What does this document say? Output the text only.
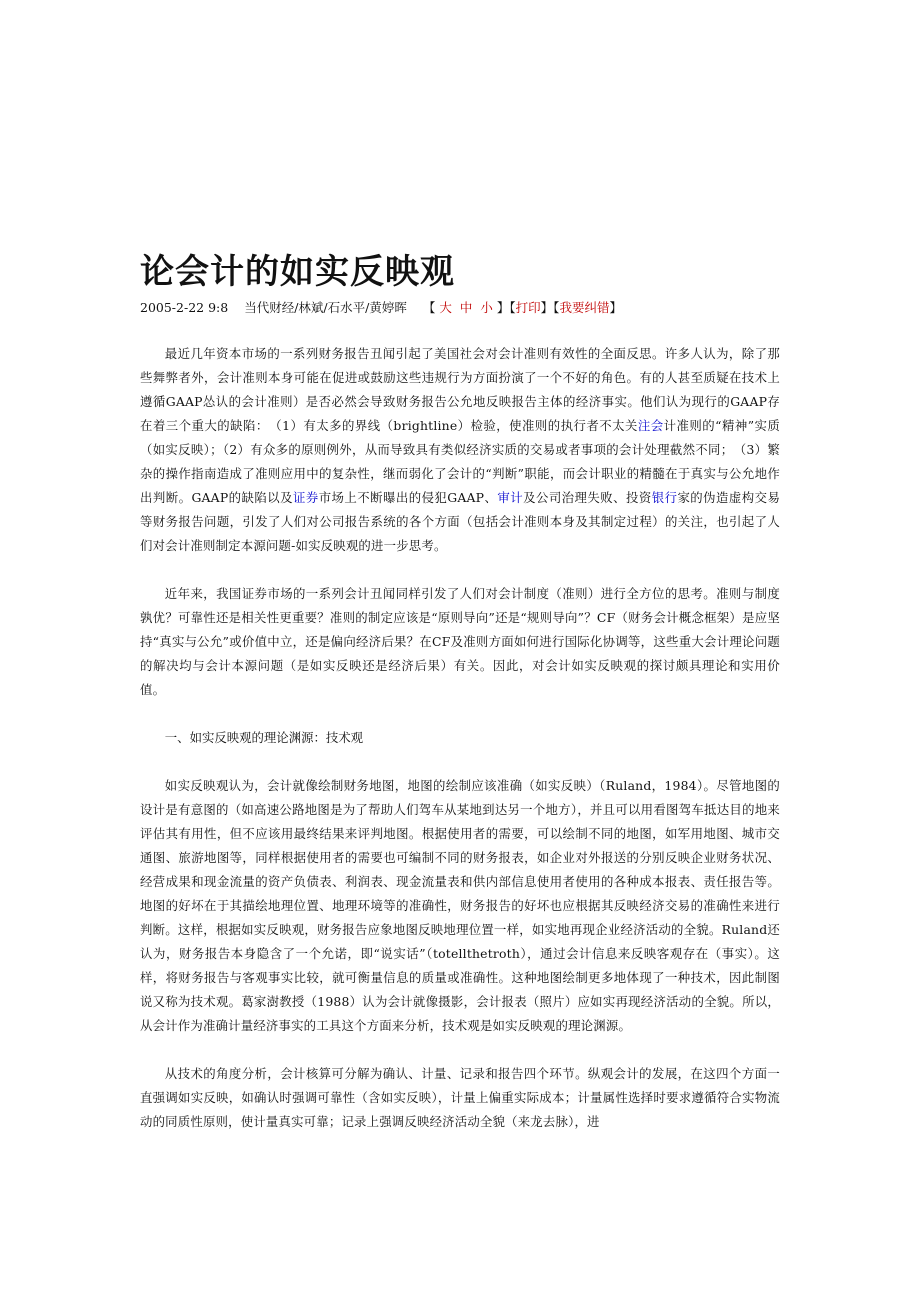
论会计的如实反映观
2005-2-22 9:8 当代财经/林斌/石水平/黄婷晖 【 大 中 小 】【打印】【我要纠错】

最近几年资本市场的一系列财务报告丑闻引起了美国社会对会计准则有效性的全面反思。许多人认为，除了那些舞弊者外，会计准则本身可能在促进或鼓励这些违规行为方面扮演了一个不好的角色。有的人甚至质疑在技术上遵循GAAP怂认的会计准则）是否必然会导致财务报告公允地反映报告主体的经济事实。他们认为现行的GAAP存在着三个重大的缺陷：　（1）有太多的界线（brightline）检验，使准则的执行者不太关注会计准则的“精神”实质（如实反映）；（2）有众多的原则例外，从而导致具有类似经济实质的交易或者事项的会计处理截然不同；　（3）繁杂的操作指南造成了准则应用中的复杂性，继而弱化了会计的“判断”职能，而会计职业的精髓在于真实与公允地作出判断。GAAP的缺陷以及证券市场上不断曝出的侵犯GAAP、审计及公司治理失败、投资银行家的伪造虚构交易等财务报告问题，引发了人们对公司报告系统的各个方面（包括会计准则本身及其制定过程）的关注，也引起了人们对会计准则制定本源问题-如实反映观的进一步思考。

近年来，我国证券市场的一系列会计丑闻同样引发了人们对会计制度（准则）进行全方位的思考。准则与制度孰优？可靠性还是相关性更重要？准则的制定应该是“原则导向”还是“规则导向”？CF（财务会计概念框架）是应坚持“真实与公允”或价值中立，还是偏向经济后果？在CF及准则方面如何进行国际化协调等，这些重大会计理论问题的解决均与会计本源问题（是如实反映还是经济后果）有关。因此，对会计如实反映观的探讨颇具理论和实用价值。

一、如实反映观的理论渊源：技术观

如实反映观认为，会计就像绘制财务地图，地图的绘制应该准确（如实反映）（Ruland，1984）。尽管地图的设计是有意图的（如高速公路地图是为了帮助人们驾车从某地到达另一个地方），并且可以用看图驾车抵达目的地来评估其有用性，但不应该用最终结果来评判地图。根据使用者的需要，可以绘制不同的地图，如军用地图、城市交通图、旅游地图等，同样根据使用者的需要也可编制不同的财务报表，如企业对外报送的分别反映企业财务状况、经营成果和现金流量的资产负债表、利润表、现金流量表和供内部信息使用者使用的各种成本报表、责任报告等。地图的好坏在于其描绘地理位置、地理环境等的准确性，财务报告的好坏也应根据其反映经济交易的准确性来进行判断。这样，根据如实反映观，财务报告应象地图反映地理位置一样，如实地再现企业经济活动的全貌。Ruland还认为，财务报告本身隐含了一个允诺，即“说实话”（totellthetroth），通过会计信息来反映客观存在（事实）。这样，将财务报告与客观事实比较，就可衡量信息的质量或准确性。这种地图绘制更多地体现了一种技术，因此制图说又称为技术观。葛家澍教授（1988）认为会计就像摄影，会计报表（照片）应如实再现经济活动的全貌。所以，从会计作为准确计量经济事实的工具这个方面来分析，技术观是如实反映观的理论渊源。

从技术的角度分析，会计核算可分解为确认、计量、记录和报告四个环节。纵观会计的发展，在这四个方面一直强调如实反映，如确认时强调可靠性（含如实反映），计量上偏重实际成本；计量属性选择时要求遵循符合实物流动的同质性原则，使计量真实可靠；记录上强调反映经济活动全貌（来龙去脉），进
